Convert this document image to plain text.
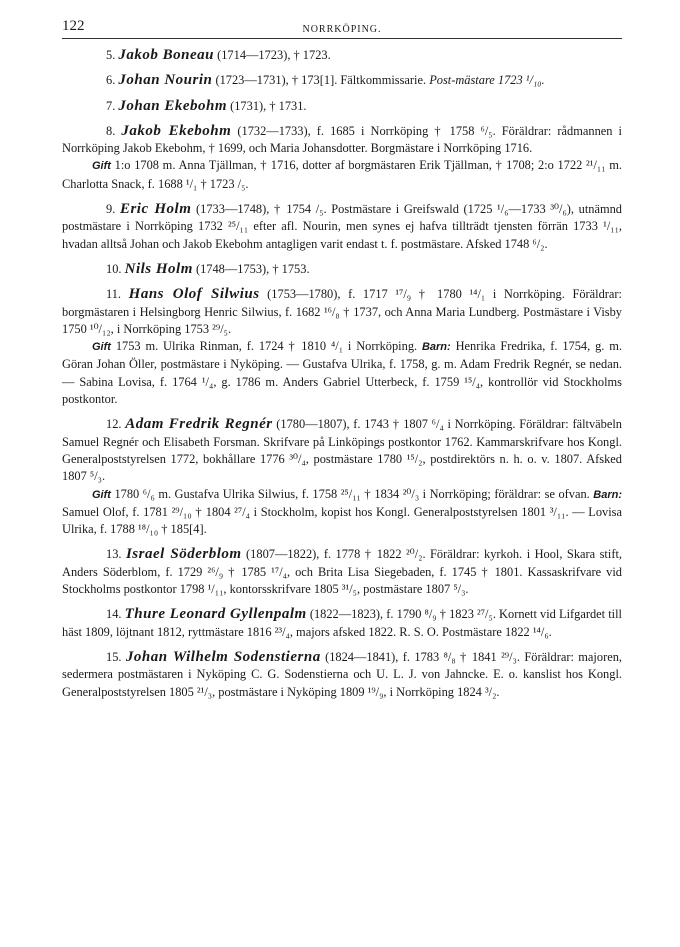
122	NORRKÖPING.

5. Jakob Boneau (1714—1723), † 1723.

6. Johan Nourin (1723—1731), † 173[1]. Fältkommissarie. Post-mästare 1723 ¹/₁₀.

7. Johan Ekebohm (1731), † 1731.

8. Jakob Ekebohm (1732—1733), f. 1685 i Norrköping † 1758 ⁶/₅. Föräldrar: rådmannen i Norrköping Jakob Ekebohm, † 1699, och Maria Johansdotter. Borgmästare i Norrköping 1716.

Gift 1:o 1708 m. Anna Tjällman, † 1716, dotter af borgmästaren Erik Tjällman, † 1708; 2:o 1722 ²¹/₁₁ m. Charlotta Snack, f. 1688 ¹/₁ † 1723 /₅.

9. Eric Holm (1733—1748), † 1754 /₅. Postmästare i Greifswald (1725 ¹/₆—1733 ³⁰/₆), utnämnd postmästare i Norrköping 1732 ²⁵/₁₁ efter afl. Nourin, men synes ej hafva tillträdt tjensten förrän 1733 ¹/₁₁, hvadan alltså Johan och Jakob Ekebohm antagligen varit endast t. f. postmästare. Afsked 1748 ⁶/₂.

10. Nils Holm (1748—1753), † 1753.

11. Hans Olof Silwius (1753—1780), f. 1717 ¹⁷/₉ † 1780 ¹⁴/₁ i Norrköping. Föräldrar: borgmästaren i Helsingborg Henric Silwius, f. 1682 ¹⁶/₈ † 1737, och Anna Maria Lundberg. Postmästare i Visby 1750 ¹⁰/₁₂, i Norrköping 1753 ²⁹/₅.

Gift 1753 m. Ulrika Rinman, f. 1724 † 1810 ⁴/₁ i Norrköping. Barn: Henrika Fredrika, f. 1754, g. m. Göran Johan Öller, postmästare i Nyköping. — Gustafva Ulrika, f. 1758, g. m. Adam Fredrik Regnér, se nedan. — Sabina Lovisa, f. 1764 ¹/₄, g. 1786 m. Anders Gabriel Utterbeck, f. 1759 ¹⁵/₄, kontrollör vid Stockholms postkontor.

12. Adam Fredrik Regnér (1780—1807), f. 1743 † 1807 ⁶/₄ i Norrköping. Föräldrar: fältväbeln Samuel Regnér och Elisabeth Forsman. Skrifvare på Linköpings postkontor 1762. Kammarskrifvare hos Kongl. Generalpoststyrelsen 1772, bokhållare 1776 ³⁰/₄, postmästare 1780 ¹⁵/₂, postdirektörs n. h. o. v. 1807. Afsked 1807 ⁵/₃.

Gift 1780 ⁶/₆ m. Gustafva Ulrika Silwius, f. 1758 ²⁵/₁₁ † 1834 ²⁰/₃ i Norrköping; föräldrar: se ofvan. Barn: Samuel Olof, f. 1781 ²⁹/₁₀ † 1804 ²⁷/₄ i Stockholm, kopist hos Kongl. Generalpoststyrelsen 1801 ³/₁₁. — Lovisa Ulrika, f. 1788 ¹⁸/₁₀ † 185[4].

13. Israel Söderblom (1807—1822), f. 1778 † 1822 ²⁰/₂. Föräldrar: kyrkoh. i Hool, Skara stift, Anders Söderblom, f. 1729 ²⁶/₉ † 1785 ¹⁷/₄, och Brita Lisa Siegebaden, f. 1745 † 1801. Kassaskrifvare vid Stockholms postkontor 1798 ¹/₁₁, kontorsskrifvare 1805 ³¹/₅, postmästare 1807 ⁵/₃.

14. Thure Leonard Gyllenpalm (1822—1823), f. 1790 ⁸/₉ † 1823 ²⁷/₅. Kornett vid Lifgardet till häst 1809, löjtnant 1812, ryttmästare 1816 ²³/₄, majors afsked 1822. R. S. O. Postmästare 1822 ¹⁴/₆.

15. Johan Wilhelm Sodenstierna (1824—1841), f. 1783 ⁸/₈ † 1841 ²⁹/₃. Föräldrar: majoren, sedermera postmästaren i Nyköping C. G. Sodenstierna och U. L. J. von Jahncke. E. o. kanslist hos Kongl. Generalpoststyrelsen 1805 ²¹/₃, postmästare i Nyköping 1809 ¹⁹/₉, i Norrköping 1824 ³/₂.
